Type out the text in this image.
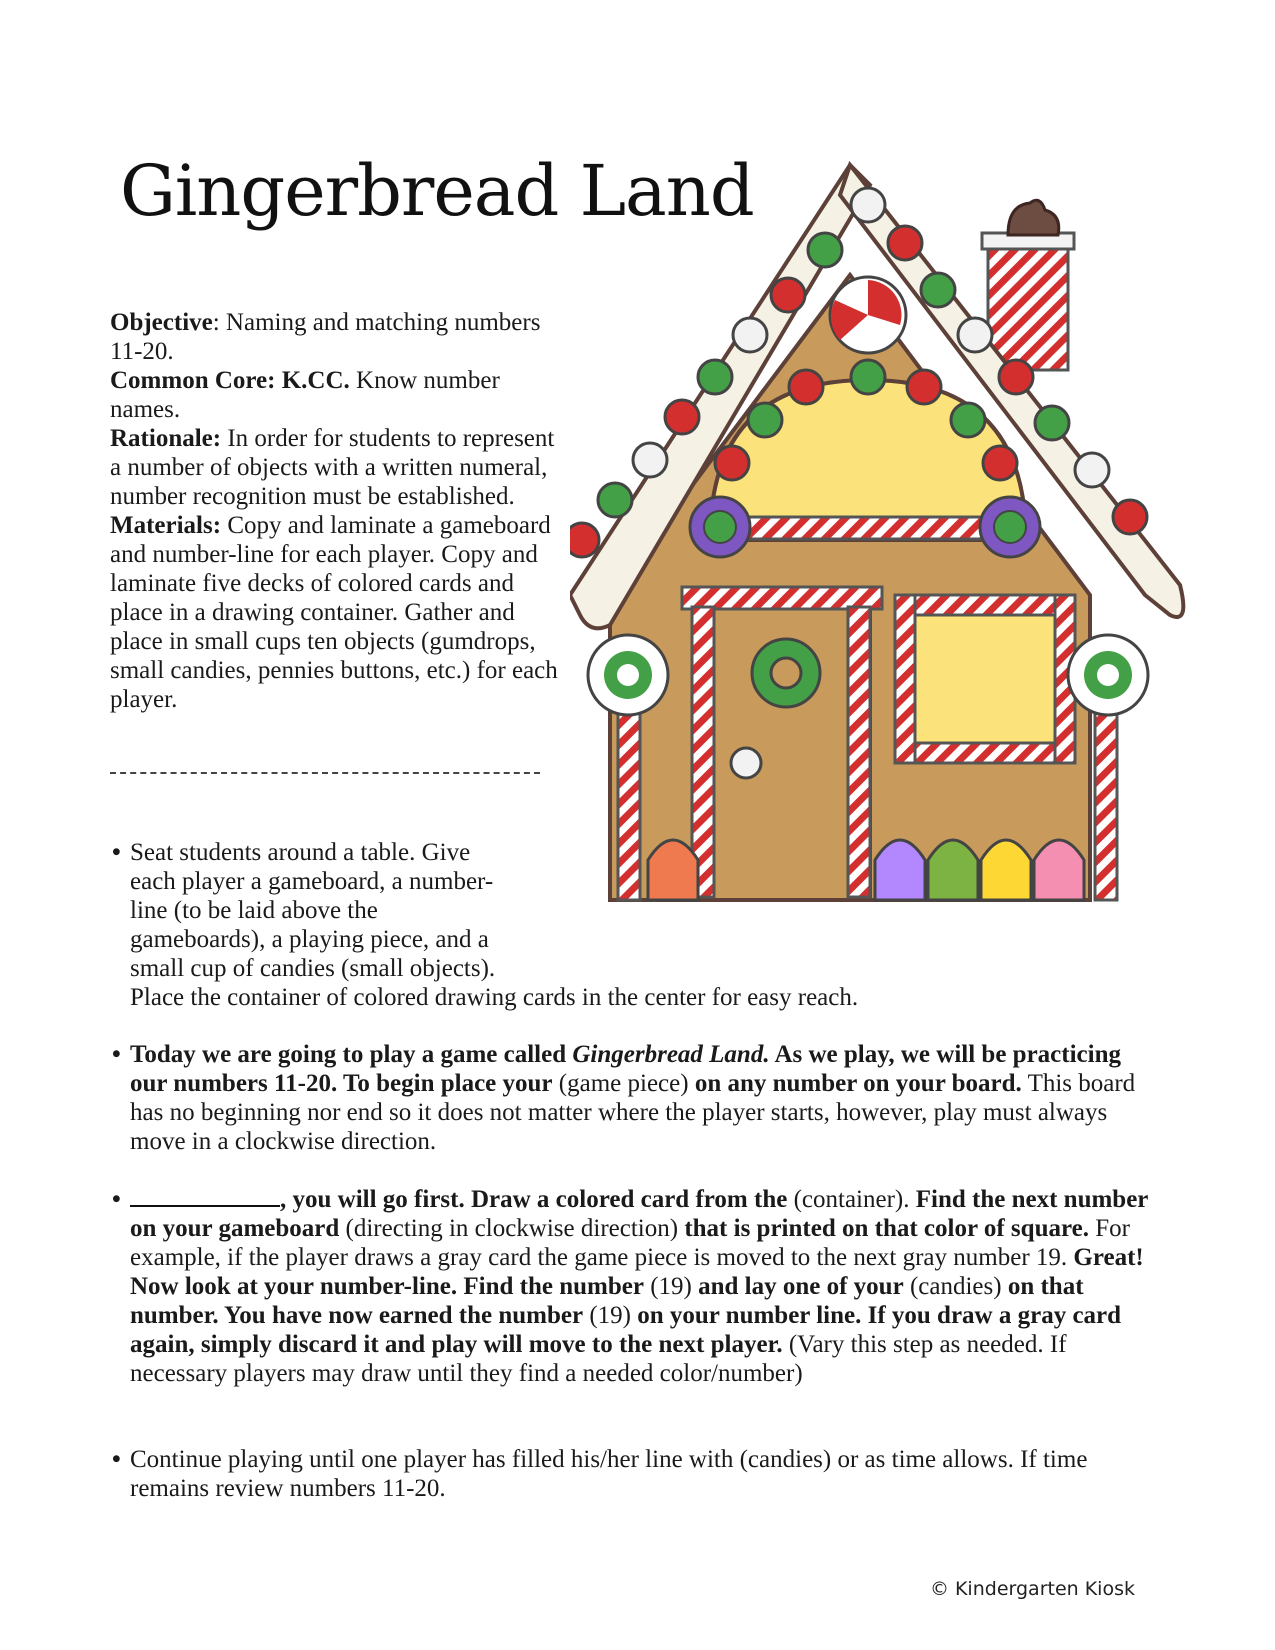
Gingerbread Land
Objective: Naming and matching numbers 11-20.
Common Core: K.CC. Know number names.
Rationale: In order for students to represent a number of objects with a written numeral, number recognition must be established.
Materials: Copy and laminate a gameboard and number-line for each player. Copy and laminate five decks of colored cards and place in a drawing container. Gather and place in small cups ten objects (gumdrops, small candies, pennies buttons, etc.) for each player.
• Seat students around a table. Give
each player a gameboard, a number-
line (to be laid above the
gameboards), a playing piece, and a
small cup of candies (small objects).
Place the container of colored drawing cards in the center for easy reach.
• Today we are going to play a game called Gingerbread Land. As we play, we will be practicing our numbers 11-20. To begin place your (game piece) on any number on your board. This board has no beginning nor end so it does not matter where the player starts, however, play must always move in a clockwise direction.
•	, you will go first. Draw a colored card from the (container). Find the next number on your gameboard (directing in clockwise direction) that is printed on that color of square. For example, if the player draws a gray card the game piece is moved to the next gray number 19. Great! Now look at your number-line. Find the number (19) and lay one of your (candies) on that number. You have now earned the number (19) on your number line. If you draw a gray card again, simply discard it and play will move to the next player. (Vary this step as needed. If necessary players may draw until they find a needed color/number)
• Continue playing until one player has filled his/her line with (candies) or as time allows. If time remains review numbers 11-20.
© Kindergarten Kiosk
